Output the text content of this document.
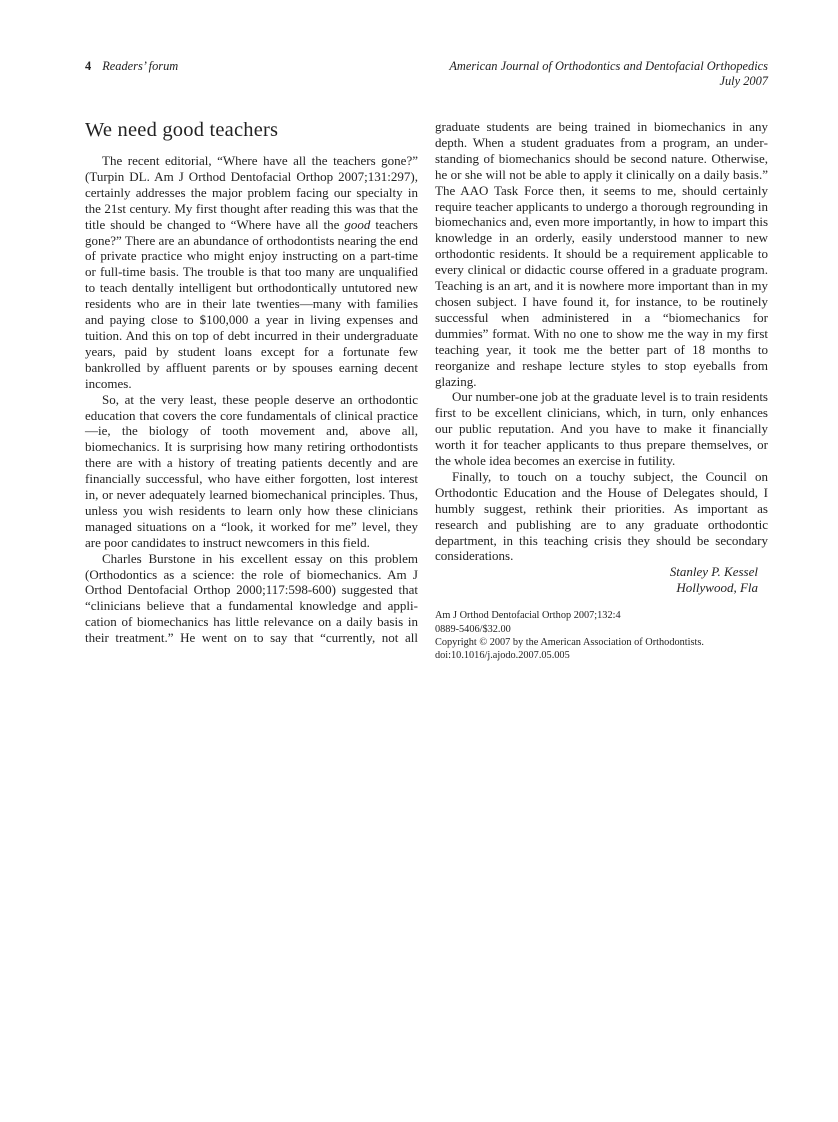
4 Readers’ forum	American Journal of Orthodontics and Dentofacial Orthopedics
July 2007
We need good teachers

The recent editorial, “Where have all the teachers gone?” (Turpin DL. Am J Orthod Dentofacial Orthop 2007;131:297), certainly addresses the major problem facing our specialty in the 21st century. My first thought after reading this was that the title should be changed to “Where have all the good teachers gone?” There are an abundance of orthodontists nearing the end of private practice who might enjoy instructing on a part-time or full-time basis. The trouble is that too many are unqualified to teach dentally intelligent but orthodontically untutored new residents who are in their late twenties—many with families and paying close to $100,000 a year in living expenses and tuition. And this on top of debt incurred in their undergraduate years, paid by student loans except for a fortunate few bankrolled by affluent parents or by spouses earning decent incomes.

So, at the very least, these people deserve an orthodontic education that covers the core fundamentals of clinical practice—ie, the biology of tooth movement and, above all, biomechanics. It is surprising how many retiring orthodontists there are with a history of treating patients decently and are financially successful, who have either forgotten, lost interest in, or never adequately learned biomechanical principles. Thus, unless you wish residents to learn only how these clinicians managed situations on a “look, it worked for me” level, they are poor candidates to instruct newcomers in this field.

Charles Burstone in his excellent essay on this problem (Orthodontics as a science: the role of biomechanics. Am J Orthod Dentofacial Orthop 2000;117:598-600) suggested that “clinicians believe that a fundamental knowledge and application of biomechanics has little relevance on a daily basis in their treatment.” He went on to say that “currently, not all

graduate students are being trained in biomechanics in any depth. When a student graduates from a program, an understanding of biomechanics should be second nature. Otherwise, he or she will not be able to apply it clinically on a daily basis.” The AAO Task Force then, it seems to me, should certainly require teacher applicants to undergo a thorough regrounding in biomechanics and, even more importantly, in how to impart this knowledge in an orderly, easily understood manner to new orthodontic residents. It should be a requirement applicable to every clinical or didactic course offered in a graduate program. Teaching is an art, and it is nowhere more important than in my chosen subject. I have found it, for instance, to be routinely successful when administered in a “biomechanics for dummies” format. With no one to show me the way in my first teaching year, it took me the better part of 18 months to reorganize and reshape lecture styles to stop eyeballs from glazing.

Our number-one job at the graduate level is to train residents first to be excellent clinicians, which, in turn, only enhances our public reputation. And you have to make it financially worth it for teacher applicants to thus prepare themselves, or the whole idea becomes an exercise in futility.

Finally, to touch on a touchy subject, the Council on Orthodontic Education and the House of Delegates should, I humbly suggest, rethink their priorities. As important as research and publishing are to any graduate orthodontic department, in this teaching crisis they should be secondary considerations.

Stanley P. Kessel
Hollywood, Fla
Am J Orthod Dentofacial Orthop 2007;132:4
0889-5406/$32.00
Copyright © 2007 by the American Association of Orthodontists.
doi:10.1016/j.ajodo.2007.05.005
